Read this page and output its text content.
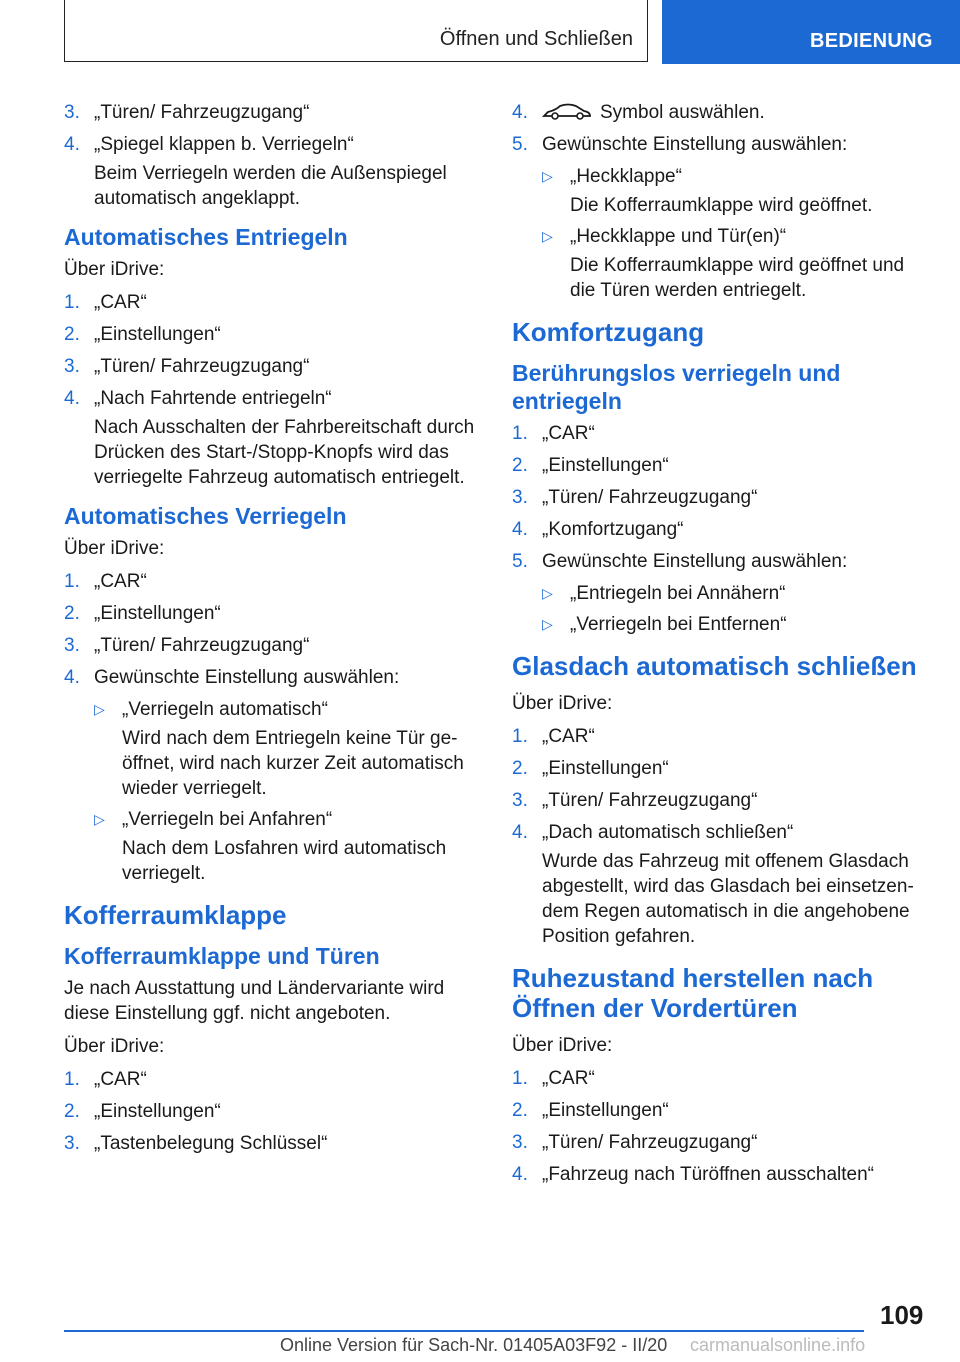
Öffnen und Schließen	BEDIENUNG
3. „Türen/ Fahrzeugzugang“
4. „Spiegel klappen b. Verriegeln“
Beim Verriegeln werden die Außenspiegel automatisch angeklappt.
Automatisches Entriegeln
Über iDrive:
1. „CAR“
2. „Einstellungen“
3. „Türen/ Fahrzeugzugang“
4. „Nach Fahrtende entriegeln“
Nach Ausschalten der Fahrbereitschaft durch Drücken des Start-/Stopp-Knopfs wird das verriegelte Fahrzeug automatisch entriegelt.
Automatisches Verriegeln
Über iDrive:
1. „CAR“
2. „Einstellungen“
3. „Türen/ Fahrzeugzugang“
4. Gewünschte Einstellung auswählen:
▷ „Verriegeln automatisch“
Wird nach dem Entriegeln keine Tür geöffnet, wird nach kurzer Zeit automatisch wieder verriegelt.
▷ „Verriegeln bei Anfahren“
Nach dem Losfahren wird automatisch verriegelt.
Kofferraumklappe
Kofferraumklappe und Türen
Je nach Ausstattung und Ländervariante wird diese Einstellung ggf. nicht angeboten.
Über iDrive:
1. „CAR“
2. „Einstellungen“
3. „Tastenbelegung Schlüssel“
4.	Symbol auswählen.
5. Gewünschte Einstellung auswählen:
▷ „Heckklappe“
Die Kofferraumklappe wird geöffnet.
▷ „Heckklappe und Tür(en)“
Die Kofferraumklappe wird geöffnet und die Türen werden entriegelt.
Komfortzugang
Berührungslos verriegeln und entriegeln
1. „CAR“
2. „Einstellungen“
3. „Türen/ Fahrzeugzugang“
4. „Komfortzugang“
5. Gewünschte Einstellung auswählen:
▷ „Entriegeln bei Annähern“
▷ „Verriegeln bei Entfernen“
Glasdach automatisch schließen
Über iDrive:
1. „CAR“
2. „Einstellungen“
3. „Türen/ Fahrzeugzugang“
4. „Dach automatisch schließen“
Wurde das Fahrzeug mit offenem Glasdach abgestellt, wird das Glasdach bei einsetzendem Regen automatisch in die angehobene Position gefahren.
Ruhezustand herstellen nach Öffnen der Vordertüren
Über iDrive:
1. „CAR“
2. „Einstellungen“
3. „Türen/ Fahrzeugzugang“
4. „Fahrzeug nach Türöffnen ausschalten“
109
Online Version für Sach-Nr. 01405A03F92 - II/20 carmanualsonline.info
